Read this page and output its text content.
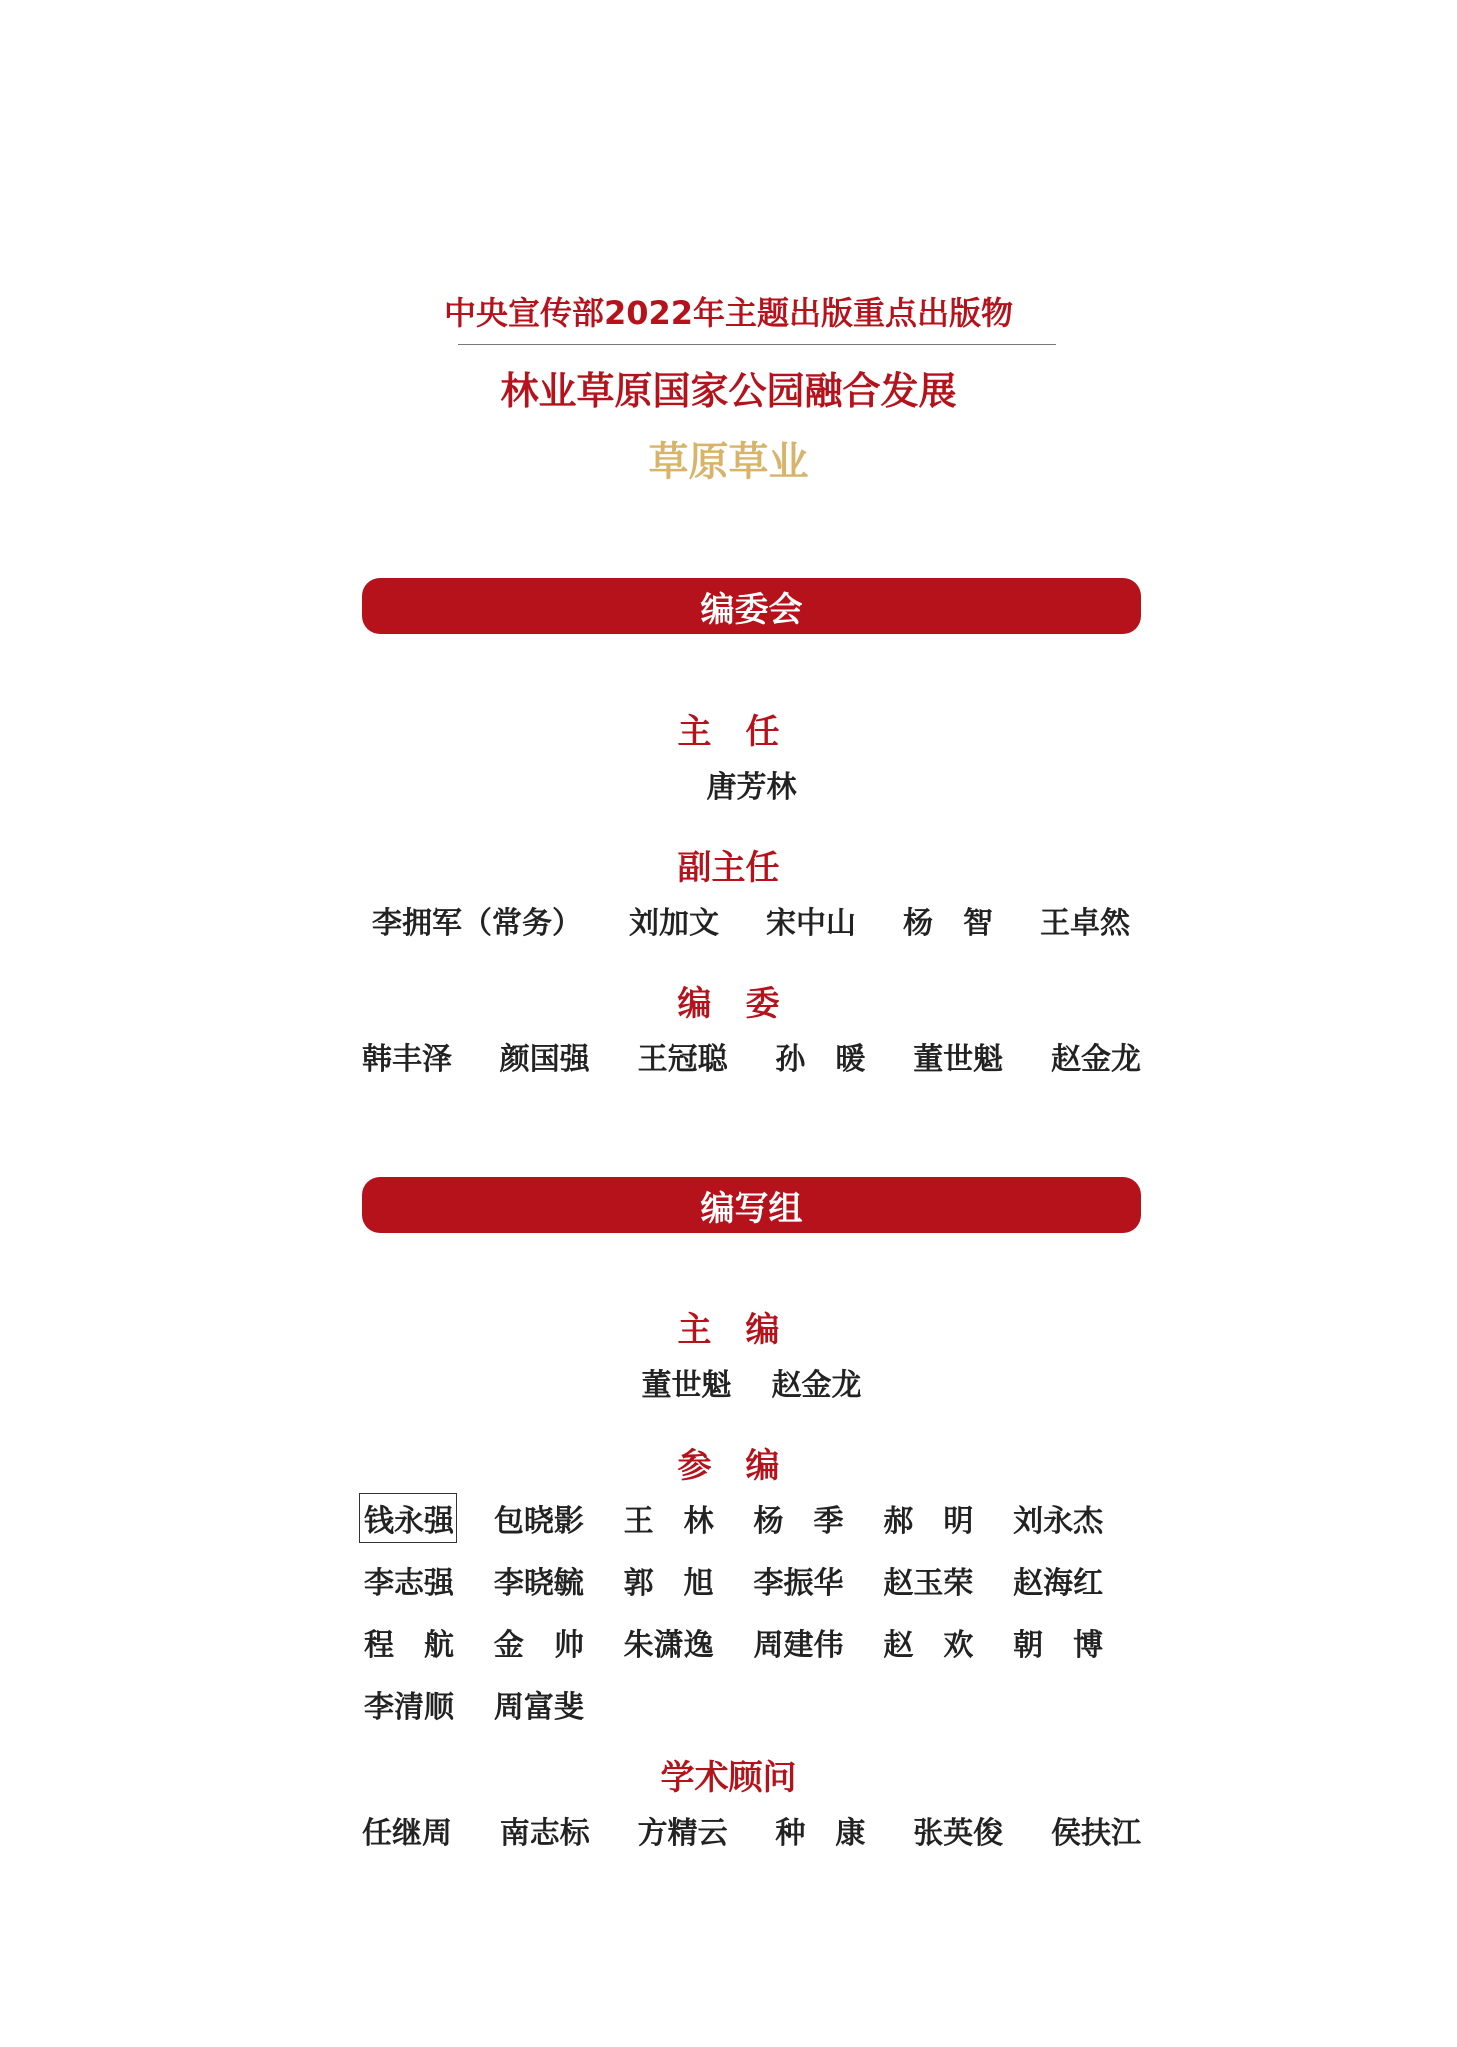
中央宣传部2022年主题出版重点出版物
林业草原国家公园融合发展
草原草业
编委会
主　任
唐芳林
副主任
李拥军（常务） 刘加文 宋中山 杨　智 王卓然
编　委
韩丰泽 颜国强 王冠聪 孙　暖 董世魁 赵金龙
编写组
主　编
董世魁 赵金龙
参　编
钱永强 包晓影	王　林	杨　季	郝　明	刘永杰
李志强	李晓毓	郭　旭	李振华	赵玉荣	赵海红
程　航	金　帅	朱潇逸	周建伟	赵　欢	朝　博
李清顺	周富斐
学术顾问
任继周 南志标 方精云 种　康 张英俊 侯扶江
